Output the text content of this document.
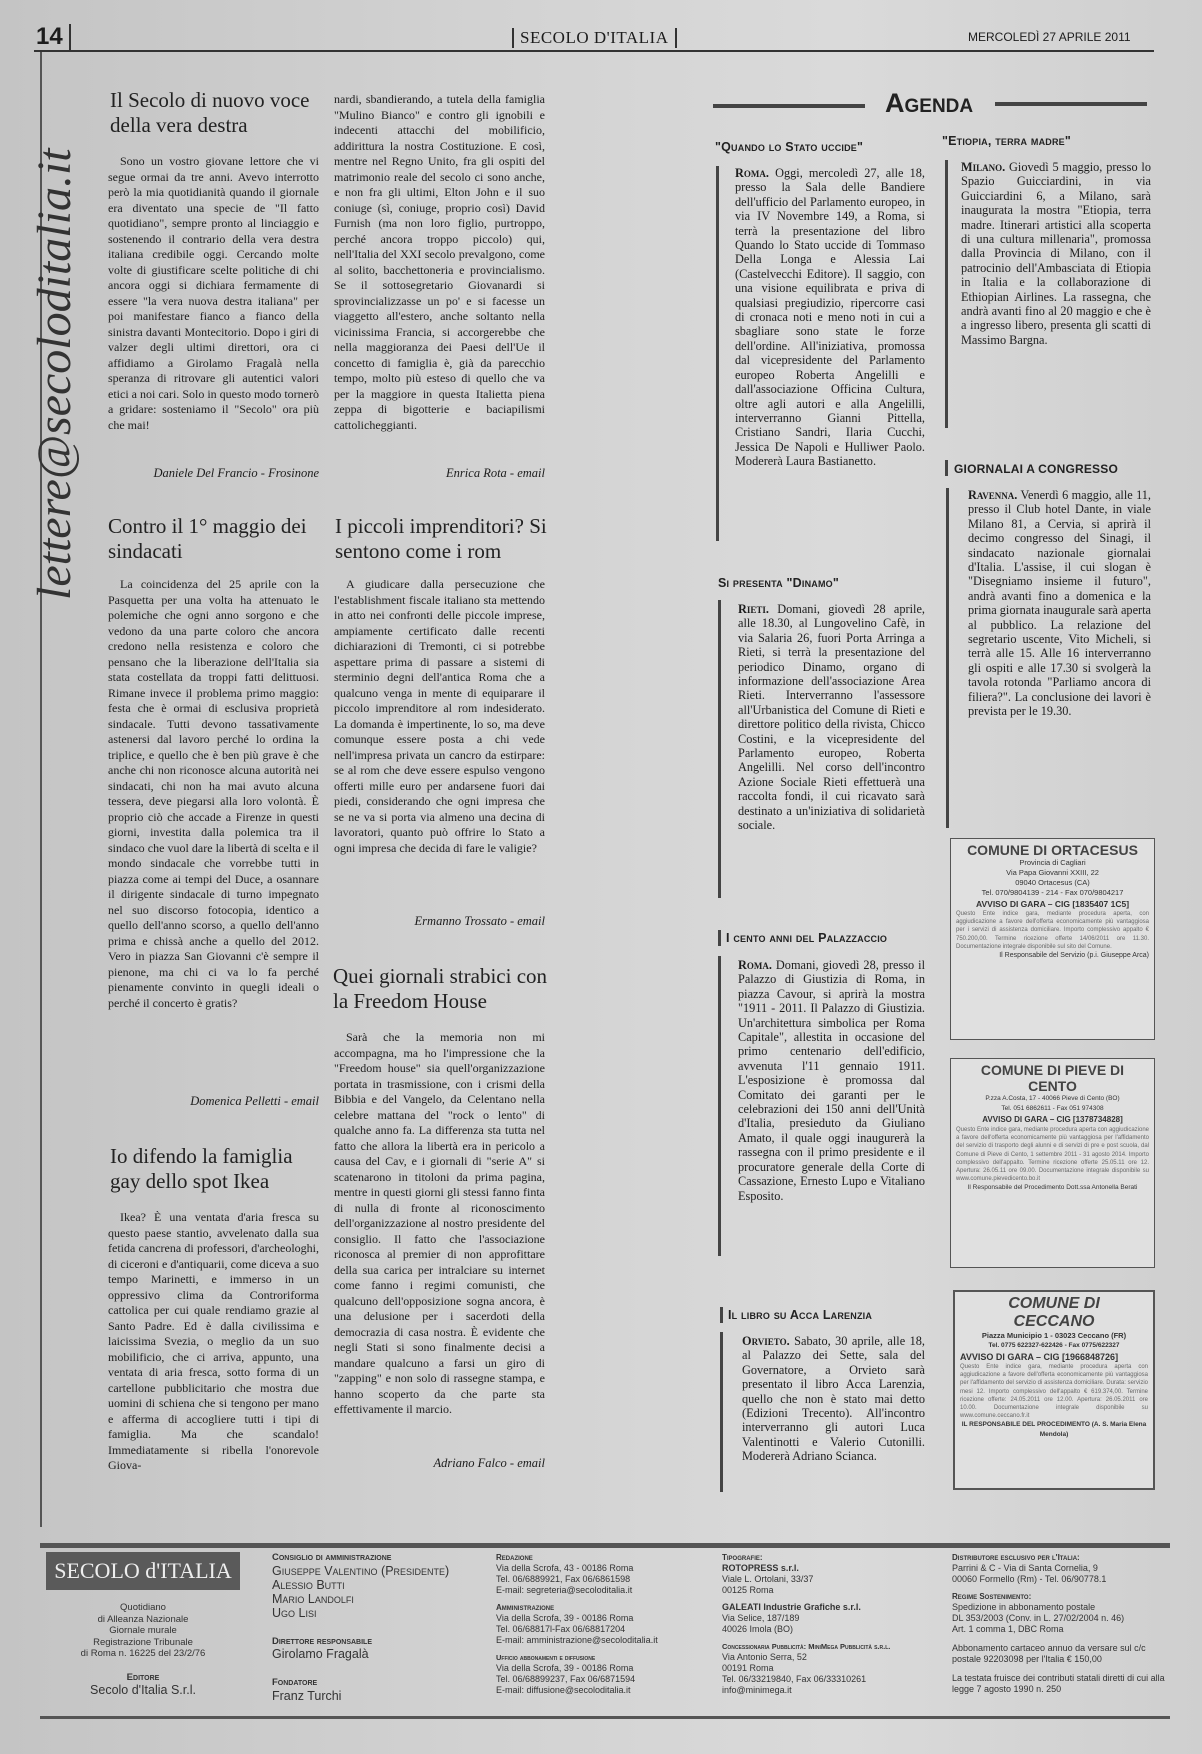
14	SECOLO D'ITALIA	MERCOLEDÌ 27 APRILE 2011
lettere@secoloditalia.it
Il Secolo di nuovo voce della vera destra
Sono un vostro giovane lettore che vi segue ormai da tre anni. Avevo interrotto però la mia quotidianità quando il giornale era diventato una specie de "Il fatto quotidiano", sempre pronto al linciaggio e sostenendo il contrario della vera destra italiana credibile oggi. Cercando molte volte di giustificare scelte politiche di chi ancora oggi si dichiara fermamente di essere "la vera nuova destra italiana" per poi manifestare fianco a fianco della sinistra davanti Montecitorio. Dopo i giri di valzer degli ultimi direttori, ora ci affidiamo a Girolamo Fragalà nella speranza di ritrovare gli autentici valori etici a noi cari. Solo in questo modo tornerò a gridare: sosteniamo il "Secolo" ora più che mai!
Daniele Del Francio - Frosinone
nardi, sbandierando, a tutela della famiglia "Mulino Bianco" e contro gli ignobili e indecenti attacchi del mobilificio, addirittura la nostra Costituzione. E così, mentre nel Regno Unito, fra gli ospiti del matrimonio reale del secolo ci sono anche, e non fra gli ultimi, Elton John e il suo coniuge (sì, coniuge, proprio così) David Furnish (ma non loro figlio, purtroppo, perché ancora troppo piccolo) qui, nell'Italia del XXI secolo prevalgono, come al solito, bacchettoneria e provincialismo. Se il sottosegretario Giovanardi si sprovincializzasse un po' e si facesse un viaggetto all'estero, anche soltanto nella vicinissima Francia, si accorgerebbe che nella maggioranza dei Paesi dell'Ue il concetto di famiglia è, già da parecchio tempo, molto più esteso di quello che va per la maggiore in questa Italietta piena zeppa di bigotterie e baciapilismi cattolicheggianti.
Enrica Rota - email
Contro il 1° maggio dei sindacati
La coincidenza del 25 aprile con la Pasquetta per una volta ha attenuato le polemiche che ogni anno sorgono e che vedono da una parte coloro che ancora credono nella resistenza e coloro che pensano che la liberazione dell'Italia sia stata costellata da troppi fatti delittuosi. Rimane invece il problema primo maggio: festa che è ormai di esclusiva proprietà sindacale. Tutti devono tassativamente astenersi dal lavoro perché lo ordina la triplice, e quello che è ben più grave è che anche chi non riconosce alcuna autorità nei sindacati, chi non ha mai avuto alcuna tessera, deve piegarsi alla loro volontà. È proprio ciò che accade a Firenze in questi giorni, investita dalla polemica tra il sindaco che vuol dare la libertà di scelta e il mondo sindacale che vorrebbe tutti in piazza come ai tempi del Duce, a osannare il dirigente sindacale di turno impegnato nel suo discorso fotocopia, identico a quello dell'anno scorso, a quello dell'anno prima e chissà anche a quello del 2012. Vero in piazza San Giovanni c'è sempre il pienone, ma chi ci va lo fa perché pienamente convinto in quegli ideali o perché il concerto è gratis?
Domenica Pelletti - email
Io difendo la famiglia gay dello spot Ikea
Ikea? È una ventata d'aria fresca su questo paese stantio, avvelenato dalla sua fetida cancrena di professori, d'archeologhi, di ciceroni e d'antiquarii, come diceva a suo tempo Marinetti, e immerso in un oppressivo clima da Controriforma cattolica per cui quale rendiamo grazie al Santo Padre. Ed è dalla civilissima e laicissima Svezia, o meglio da un suo mobilificio, che ci arriva, appunto, una ventata di aria fresca, sotto forma di un cartellone pubblicitario che mostra due uomini di schiena che si tengono per mano e afferma di accogliere tutti i tipi di famiglia. Ma che scandalo! Immediatamente si ribella l'onorevole Giova-
I piccoli imprenditori? Si sentono come i rom
A giudicare dalla persecuzione che l'establishment fiscale italiano sta mettendo in atto nei confronti delle piccole imprese, ampiamente certificato dalle recenti dichiarazioni di Tremonti, ci si potrebbe aspettare prima di passare a sistemi di sterminio degni dell'antica Roma che a qualcuno venga in mente di equiparare il piccolo imprenditore al rom indesiderato. La domanda è impertinente, lo so, ma deve comunque essere posta a chi vede nell'impresa privata un cancro da estirpare: se al rom che deve essere espulso vengono offerti mille euro per andarsene fuori dai piedi, considerando che ogni impresa che se ne va si porta via almeno una decina di lavoratori, quanto può offrire lo Stato a ogni impresa che decida di fare le valigie?
Ermanno Trossato - email
Quei giornali strabici con la Freedom House
Sarà che la memoria non mi accompagna, ma ho l'impressione che la "Freedom house" sia quell'organizzazione portata in trasmissione, con i crismi della Bibbia e del Vangelo, da Celentano nella celebre mattana del "rock o lento" di qualche anno fa. La differenza sta tutta nel fatto che allora la libertà era in pericolo a causa del Cav, e i giornali di "serie A" si scatenarono in titoloni da prima pagina, mentre in questi giorni gli stessi fanno finta di nulla di fronte al riconoscimento dell'organizzazione al nostro presidente del consiglio. Il fatto che l'associazione riconosca al premier di non approfittare della sua carica per intralciare su internet come fanno i regimi comunisti, che qualcuno dell'opposizione sogna ancora, è una delusione per i sacerdoti della democrazia di casa nostra. È evidente che negli Stati si sono finalmente decisi a mandare qualcuno a farsi un giro di "zapping" e non solo di rassegne stampa, e hanno scoperto da che parte sta effettivamente il marcio.
Adriano Falco - email
Agenda
"Quando lo Stato uccide"
Roma. Oggi, mercoledì 27, alle 18, presso la Sala delle Bandiere dell'ufficio del Parlamento europeo, in via IV Novembre 149, a Roma, si terrà la presentazione del libro Quando lo Stato uccide di Tommaso Della Longa e Alessia Lai (Castelvecchi Editore). Il saggio, con una visione equilibrata e priva di qualsiasi pregiudizio, ripercorre casi di cronaca noti e meno noti in cui a sbagliare sono state le forze dell'ordine. All'iniziativa, promossa dal vicepresidente del Parlamento europeo Roberta Angelilli e dall'associazione Officina Cultura, oltre agli autori e alla Angelilli, interverranno Gianni Pittella, Cristiano Sandri, Ilaria Cucchi, Jessica De Napoli e Hulliwer Paolo. Modererà Laura Bastianetto.
"Etiopia, terra madre"
Milano. Giovedì 5 maggio, presso lo Spazio Guicciardini, in via Guicciardini 6, a Milano, sarà inaugurata la mostra "Etiopia, terra madre. Itinerari artistici alla scoperta di una cultura millenaria", promossa dalla Provincia di Milano, con il patrocinio dell'Ambasciata di Etiopia in Italia e la collaborazione di Ethiopian Airlines. La rassegna, che andrà avanti fino al 20 maggio e che è a ingresso libero, presenta gli scatti di Massimo Bargna.
GIORNALAI A CONGRESSO
Ravenna. Venerdì 6 maggio, alle 11, presso il Club hotel Dante, in viale Milano 81, a Cervia, si aprirà il decimo congresso del Sinagi, il sindacato nazionale giornalai d'Italia. L'assise, il cui slogan è "Disegniamo insieme il futuro", andrà avanti fino a domenica e la prima giornata inaugurale sarà aperta al pubblico. La relazione del segretario uscente, Vito Micheli, si terrà alle 15. Alle 16 interverranno gli ospiti e alle 17.30 si svolgerà la tavola rotonda "Parliamo ancora di filiera?". La conclusione dei lavori è prevista per le 19.30.
Si presenta "Dinamo"
Rieti. Domani, giovedì 28 aprile, alle 18.30, al Lungovelino Cafè, in via Salaria 26, fuori Porta Arringa a Rieti, si terrà la presentazione del periodico Dinamo, organo di informazione dell'associazione Area Rieti. Interverranno l'assessore all'Urbanistica del Comune di Rieti e direttore politico della rivista, Chicco Costini, e la vicepresidente del Parlamento europeo, Roberta Angelilli. Nel corso dell'incontro Azione Sociale Rieti effettuerà una raccolta fondi, il cui ricavato sarà destinato a un'iniziativa di solidarietà sociale.
I cento anni del Palazzaccio
Roma. Domani, giovedì 28, presso il Palazzo di Giustizia di Roma, in piazza Cavour, si aprirà la mostra "1911 - 2011. Il Palazzo di Giustizia. Un'architettura simbolica per Roma Capitale", allestita in occasione del primo centenario dell'edificio, avvenuta l'11 gennaio 1911. L'esposizione è promossa dal Comitato dei garanti per le celebrazioni dei 150 anni dell'Unità d'Italia, presieduto da Giuliano Amato, il quale oggi inaugurerà la rassegna con il primo presidente e il procuratore generale della Corte di Cassazione, Ernesto Lupo e Vitaliano Esposito.
Il libro su Acca Larenzia
Orvieto. Sabato, 30 aprile, alle 18, al Palazzo dei Sette, sala del Governatore, a Orvieto sarà presentato il libro Acca Larenzia, quello che non è stato mai detto (Edizioni Trecento). All'incontro interverranno gli autori Luca Valentinotti e Valerio Cutonilli. Modererà Adriano Scianca.
COMUNE DI ORTACESUS
Provincia di Cagliari
Via Papa Giovanni XXIII, 22
09040 Ortacesus (CA)
Tel. 070/9804139 - 214 - Fax 070/9804217
AVVISO DI GARA – CIG [1835407 1C5]
Questo Ente indice gara, mediante procedura aperta, con aggiudicazione a favore dell'offerta economicamente più vantaggiosa per i servizi di assistenza domiciliare. Importo complessivo appalto € 750.200,00. Termine ricezione offerte 14/06/2011 ore 11.30. Documentazione integrale disponibile sul sito del Comune.
Il Responsabile del Servizio (p.i. Giuseppe Arca)
COMUNE DI PIEVE DI CENTO
P.zza A.Costa, 17 - 40066 Pieve di Cento (BO)
Tel. 051 6862611 - Fax 051 974308
AVVISO DI GARA – CIG [1378734828]
Questo Ente indice gara, mediante procedura aperta con aggiudicazione a favore dell'offerta economicamente più vantaggiosa per l'affidamento del servizio di trasporto degli alunni e di servizi di pre e post scuola, dal Comune di Pieve di Cento, 1 settembre 2011 - 31 agosto 2014. Importo complessivo dell'appalto. Termine ricezione offerte 25.05.11 ore 12. Apertura: 26.05.11 ore 09.00. Documentazione integrale disponibile su www.comune.pievedicento.bo.it
Il Responsabile del Procedimento Dott.ssa Antonella Berati
COMUNE DI CECCANO
Piazza Municipio 1 - 03023 Ceccano (FR)
Tel. 0775 622327-622426 - Fax 0775/622327
AVVISO DI GARA – CIG [1966848726]
Questo Ente indice gara, mediante procedura aperta con aggiudicazione a favore dell'offerta economicamente più vantaggiosa per l'affidamento del servizio di assistenza domiciliare. Durata: servizio mesi 12. Importo complessivo dell'appalto € 619.374,00. Termine ricezione offerte: 24.05.2011 ore 12.00. Apertura: 26.05.2011 ore 10.00. Documentazione integrale disponibile su www.comune.ceccano.fr.it
IL RESPONSABILE DEL PROCEDIMENTO (A. S. Maria Elena Mendola)
SECOLO d'ITALIA
Quotidiano
di Alleanza Nazionale
Giornale murale
Registrazione Tribunale
di Roma n. 16225 del 23/2/76
Editore
Secolo d'Italia S.r.l.
Consiglio di amministrazione
Giuseppe Valentino (Presidente)
Alessio Butti
Mario Landolfi
Ugo Lisi
Direttore responsabile
Girolamo Fragalà
Fondatore
Franz Turchi
Redazione
Via della Scrofa, 43 - 00186 Roma
Tel. 06/6889921, Fax 06/6861598
E-mail: segreteria@secoloditalia.it
Amministrazione
Via della Scrofa, 39 - 00186 Roma
Tel. 06/68817l-Fax 06/68817204
E-mail: amministrazione@secoloditalia.it
Ufficio abbonamenti e diffusione
Via della Scrofa, 39 - 00186 Roma
Tel. 06/68899237, Fax 06/6871594
E-mail: diffusione@secoloditalia.it
Tipografie:
ROTOPRESS s.r.l.
Viale L. Ortolani, 33/37
00125 Roma
GALEATI Industrie Grafiche s.r.l.
Via Selice, 187/189
40026 Imola (BO)
Concessionaria Pubblicità: MiniMega Pubblicità s.r.l.
Via Antonio Serra, 52
00191 Roma
Tel. 06/33219840, Fax 06/33310261
info@minimega.it
Distributore esclusivo per l'Italia:
Parrini & C - Via di Santa Cornelia, 9
00060 Formello (Rm) - Tel. 06/90778.1
Regime Sostenimento:
Spedizione in abbonamento postale
DL 353/2003 (Conv. in L. 27/02/2004 n. 46)
Art. 1 comma 1, DBC Roma
Abbonamento cartaceo annuo da versare sul c/c postale 92203098 per l'Italia € 150,00
La testata fruisce dei contributi statali diretti di cui alla legge 7 agosto 1990 n. 250
